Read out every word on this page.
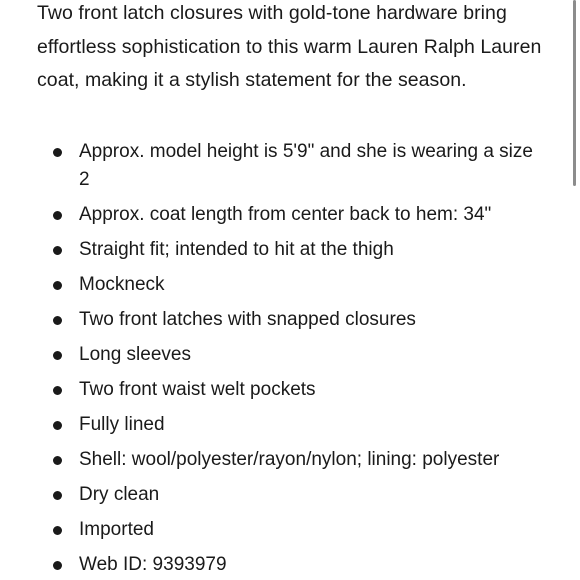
Two front latch closures with gold-tone hardware bring effortless sophistication to this warm Lauren Ralph Lauren coat, making it a stylish statement for the season.

Approx. model height is 5'9" and she is wearing a size 2
Approx. coat length from center back to hem: 34"
Straight fit; intended to hit at the thigh
Mockneck
Two front latches with snapped closures
Long sleeves
Two front waist welt pockets
Fully lined
Shell: wool/polyester/rayon/nylon; lining: polyester
Dry clean
Imported
Web ID: 9393979
